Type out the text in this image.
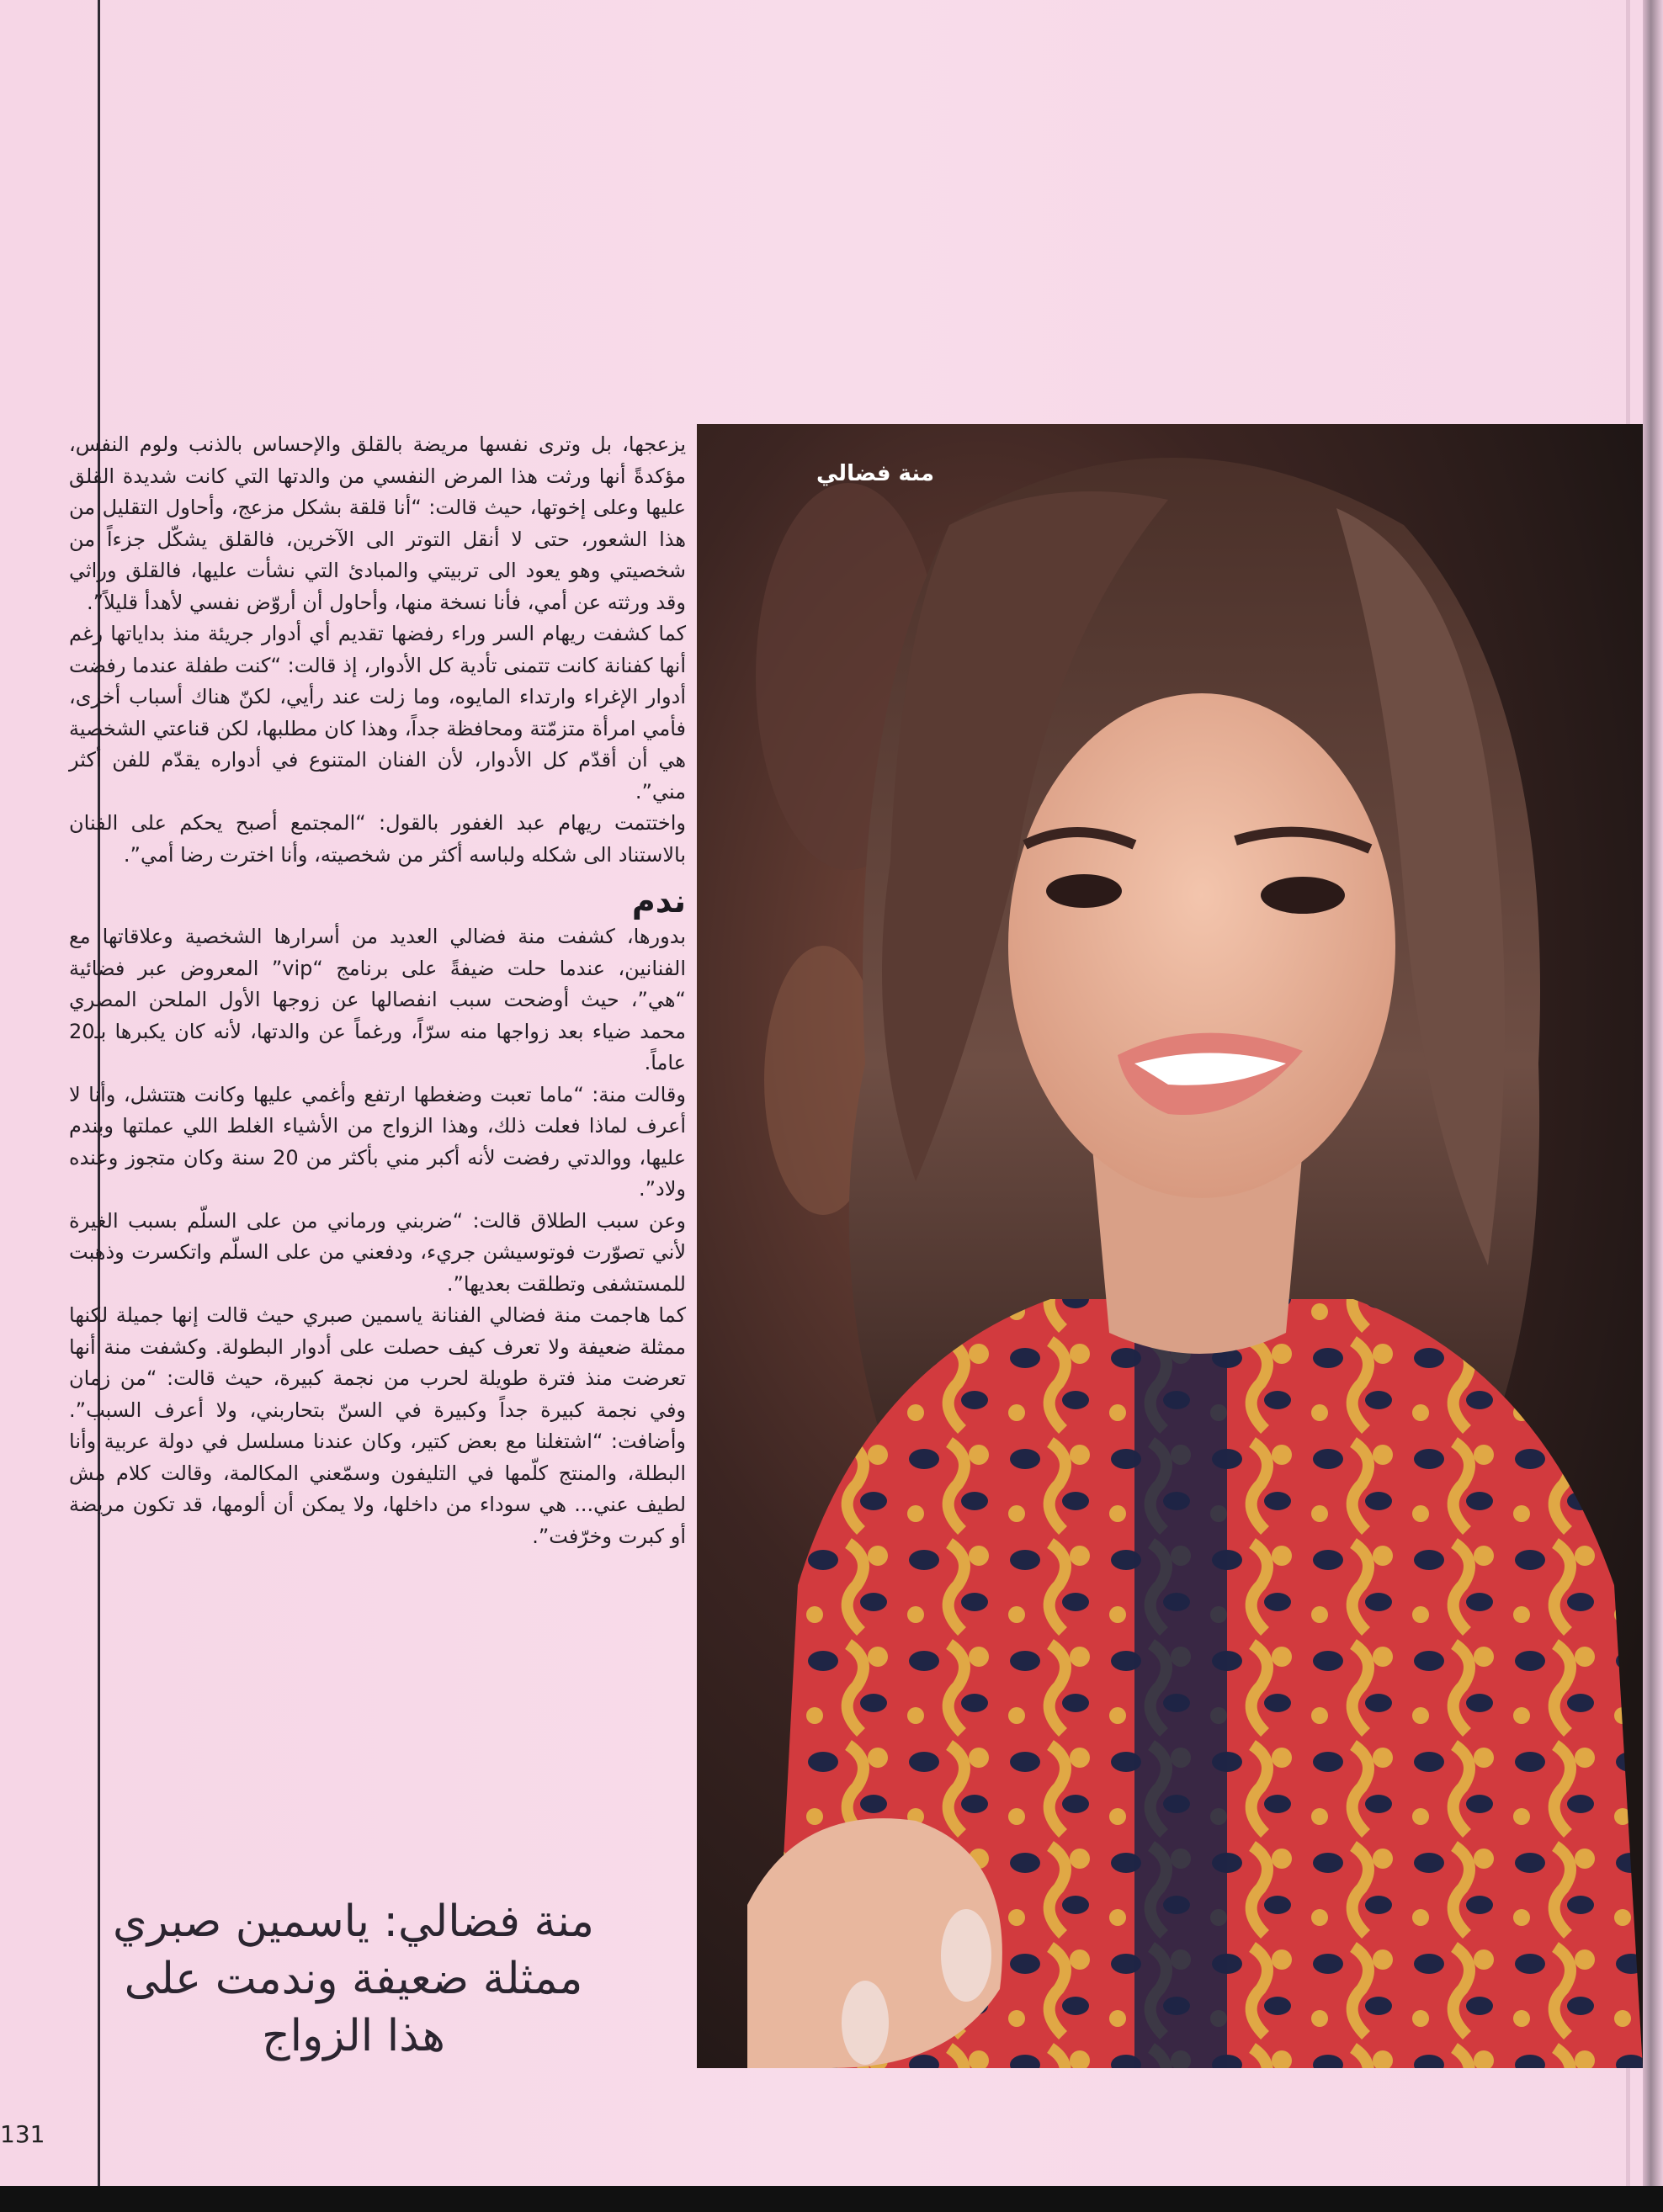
يزعجها، بل وترى نفسها مريضة بالقلق والإحساس بالذنب ولوم النفس، مؤكدةً أنها ورثت هذا المرض النفسي من والدتها التي كانت شديدة القلق عليها وعلى إخوتها، حيث قالت: “أنا قلقة بشكل مزعج، وأحاول التقليل من هذا الشعور، حتى لا أنقل التوتر الى الآخرين، فالقلق يشكّل جزءاً من شخصيتي وهو يعود الى تربيتي والمبادئ التي نشأت عليها، فالقلق وراثي وقد ورثته عن أمي، فأنا نسخة منها، وأحاول أن أروّض نفسي لأهدأ قليلاً”.

كما كشفت ريهام السر وراء رفضها تقديم أي أدوار جريئة منذ بداياتها رغم أنها كفنانة كانت تتمنى تأدية كل الأدوار، إذ قالت: “كنت طفلة عندما رفضت أدوار الإغراء وارتداء المايوه، وما زلت عند رأيي، لكنّ هناك أسباب أخرى، فأمي امرأة متزمّتة ومحافظة جداً، وهذا كان مطلبها، لكن قناعتي الشخصية هي أن أقدّم كل الأدوار، لأن الفنان المتنوع في أدواره يقدّم للفن أكثر مني”.

واختتمت ريهام عبد الغفور بالقول: “المجتمع أصبح يحكم على الفنان بالاستناد الى شكله ولباسه أكثر من شخصيته، وأنا اخترت رضا أمي”.

ندم

بدورها، كشفت منة فضالي العديد من أسرارها الشخصية وعلاقاتها مع الفنانين، عندما حلت ضيفةً على برنامج “vip” المعروض عبر فضائية “هي”، حيث أوضحت سبب انفصالها عن زوجها الأول الملحن المصري محمد ضياء بعد زواجها منه سرّاً، ورغماً عن والدتها، لأنه كان يكبرها بـ20 عاماً.

وقالت منة: “ماما تعبت وضغطها ارتفع وأغمي عليها وكانت هتتشل، وأنا لا أعرف لماذا فعلت ذلك، وهذا الزواج من الأشياء الغلط اللي عملتها وبندم عليها، ووالدتي رفضت لأنه أكبر مني بأكثر من 20 سنة وكان متجوز وعنده ولاد”.

وعن سبب الطلاق قالت: “ضربني ورماني من على السلّم بسبب الغيرة لأني تصوّرت فوتوسيشن جريء، ودفعني من على السلّم واتكسرت وذهبت للمستشفى وتطلقت بعديها”.

كما هاجمت منة فضالي الفنانة ياسمين صبري حيث قالت إنها جميلة لكنها ممثلة ضعيفة ولا تعرف كيف حصلت على أدوار البطولة. وكشفت منة أنها تعرضت منذ فترة طويلة لحرب من نجمة كبيرة، حيث قالت: “من زمان وفي نجمة كبيرة جداً وكبيرة في السنّ بتحاربني، ولا أعرف السبب”. وأضافت: “اشتغلنا مع بعض كتير، وكان عندنا مسلسل في دولة عربية وأنا البطلة، والمنتج كلّمها في التليفون وسمّعني المكالمة، وقالت كلام مش لطيف عني... هي سوداء من داخلها، ولا يمكن أن ألومها، قد تكون مريضة أو كبرت وخرّفت”.

منة فضالي: ياسمين صبري
ممثلة ضعيفة وندمت على
هذا الزواج
131
منة فضالي
